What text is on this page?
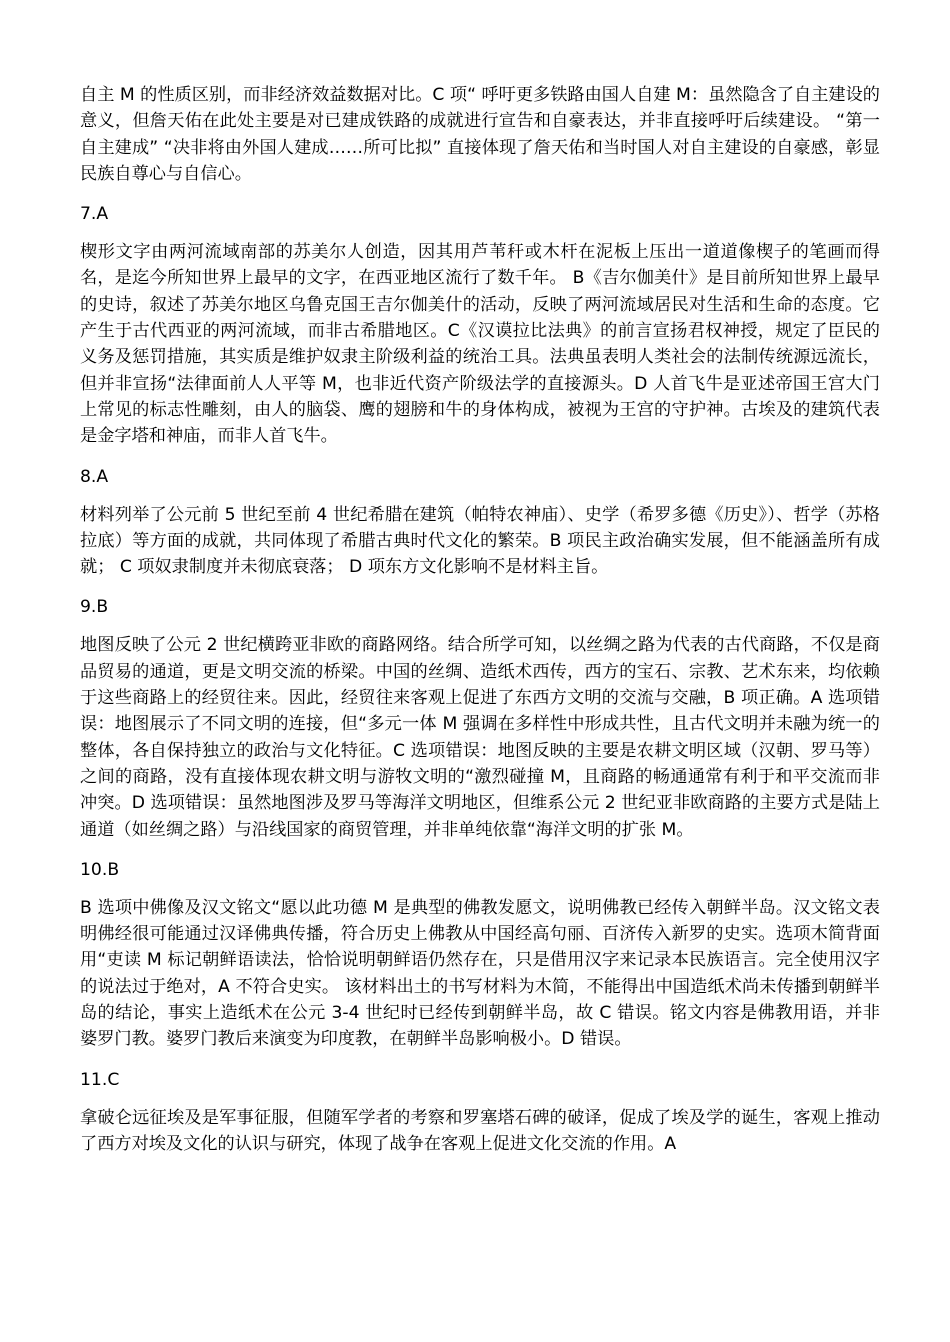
自主 M 的性质区别，而非经济效益数据对比。C 项“ 呼吁更多铁路由国人自建 M：虽然隐含了自主建设的意义，但詹天佑在此处主要是对已建成铁路的成就进行宣告和自豪表达，并非直接呼吁后续建设。 “第一自主建成” “决非将由外国人建成……所可比拟” 直接体现了詹天佑和当时国人对自主建设的自豪感，彰显民族自尊心与自信心。

7.A

楔形文字由两河流域南部的苏美尔人创造，因其用芦苇秆或木杆在泥板上压出一道道像楔子的笔画而得名，是迄今所知世界上最早的文字，在西亚地区流行了数千年。 B《吉尔伽美什》是目前所知世界上最早的史诗，叙述了苏美尔地区乌鲁克国王吉尔伽美什的活动，反映了两河流域居民对生活和生命的态度。它产生于古代西亚的两河流域，而非古希腊地区。C《汉谟拉比法典》的前言宣扬君权神授，规定了臣民的义务及惩罚措施，其实质是维护奴隶主阶级利益的统治工具。法典虽表明人类社会的法制传统源远流长，但并非宣扬“法律面前人人平等 M，也非近代资产阶级法学的直接源头。D 人首飞牛是亚述帝国王宫大门上常见的标志性雕刻，由人的脑袋、鹰的翅膀和牛的身体构成，被视为王宫的守护神。古埃及的建筑代表是金字塔和神庙，而非人首飞牛。

8.A

材料列举了公元前 5 世纪至前 4 世纪希腊在建筑（帕特农神庙）、史学（希罗多德《历史》）、哲学（苏格拉底）等方面的成就，共同体现了希腊古典时代文化的繁荣。B 项民主政治确实发展，但不能涵盖所有成就； C 项奴隶制度并未彻底衰落； D 项东方文化影响不是材料主旨。

9.B

地图反映了公元 2 世纪横跨亚非欧的商路网络。结合所学可知，以丝绸之路为代表的古代商路，不仅是商品贸易的通道，更是文明交流的桥梁。中国的丝绸、造纸术西传，西方的宝石、宗教、艺术东来，均依赖于这些商路上的经贸往来。因此，经贸往来客观上促进了东西方文明的交流与交融，B 项正确。A 选项错误：地图展示了不同文明的连接，但“多元一体 M 强调在多样性中形成共性，且古代文明并未融为统一的整体，各自保持独立的政治与文化特征。C 选项错误：地图反映的主要是农耕文明区域（汉朝、罗马等）之间的商路，没有直接体现农耕文明与游牧文明的“激烈碰撞 M，且商路的畅通通常有利于和平交流而非冲突。D 选项错误：虽然地图涉及罗马等海洋文明地区，但维系公元 2 世纪亚非欧商路的主要方式是陆上通道（如丝绸之路）与沿线国家的商贸管理，并非单纯依靠“海洋文明的扩张 M。

10.B

B 选项中佛像及汉文铭文“愿以此功德 M 是典型的佛教发愿文，说明佛教已经传入朝鲜半岛。汉文铭文表明佛经很可能通过汉译佛典传播，符合历史上佛教从中国经高句丽、百济传入新罗的史实。选项木简背面用“吏读 M 标记朝鲜语读法，恰恰说明朝鲜语仍然存在，只是借用汉字来记录本民族语言。完全使用汉字的说法过于绝对，A 不符合史实。 该材料出土的书写材料为木简，不能得出中国造纸术尚未传播到朝鲜半岛的结论，事实上造纸术在公元 3-4 世纪时已经传到朝鲜半岛，故 C 错误。铭文内容是佛教用语，并非婆罗门教。婆罗门教后来演变为印度教，在朝鲜半岛影响极小。D 错误。

11.C

拿破仑远征埃及是军事征服，但随军学者的考察和罗塞塔石碑的破译，促成了埃及学的诞生，客观上推动了西方对埃及文化的认识与研究，体现了战争在客观上促进文化交流的作用。A
